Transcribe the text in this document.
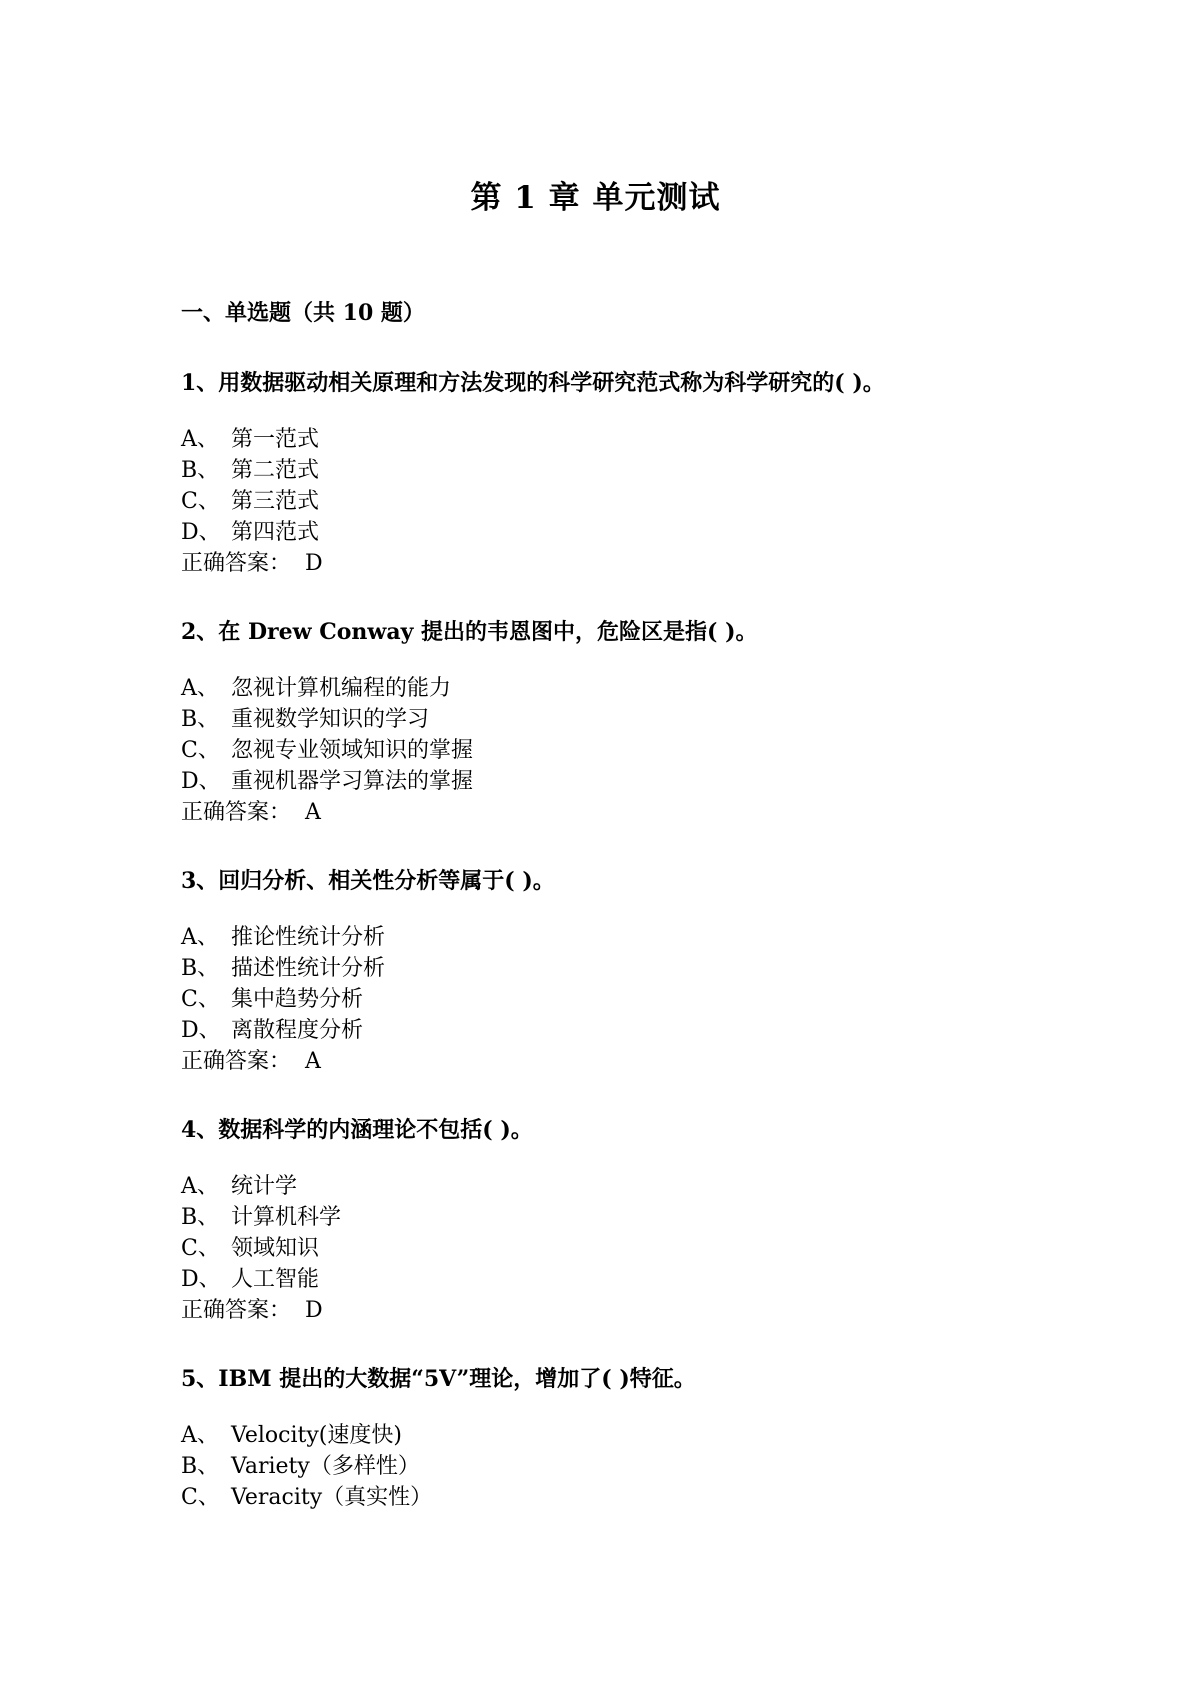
第 1 章 单元测试
一、单选题（共 10 题）
1、用数据驱动相关原理和方法发现的科学研究范式称为科学研究的( )。
A、 第一范式
B、 第二范式
C、 第三范式
D、 第四范式
正确答案： D
2、在 Drew Conway 提出的韦恩图中，危险区是指( )。
A、 忽视计算机编程的能力
B、 重视数学知识的学习
C、 忽视专业领域知识的掌握
D、 重视机器学习算法的掌握
正确答案： A
3、回归分析、相关性分析等属于( )。
A、 推论性统计分析
B、 描述性统计分析
C、 集中趋势分析
D、 离散程度分析
正确答案： A
4、数据科学的内涵理论不包括( )。
A、 统计学
B、 计算机科学
C、 领域知识
D、 人工智能
正确答案： D
5、IBM 提出的大数据“5V”理论，增加了( )特征。
A、 Velocity(速度快)
B、 Variety（多样性）
C、 Veracity（真实性）
